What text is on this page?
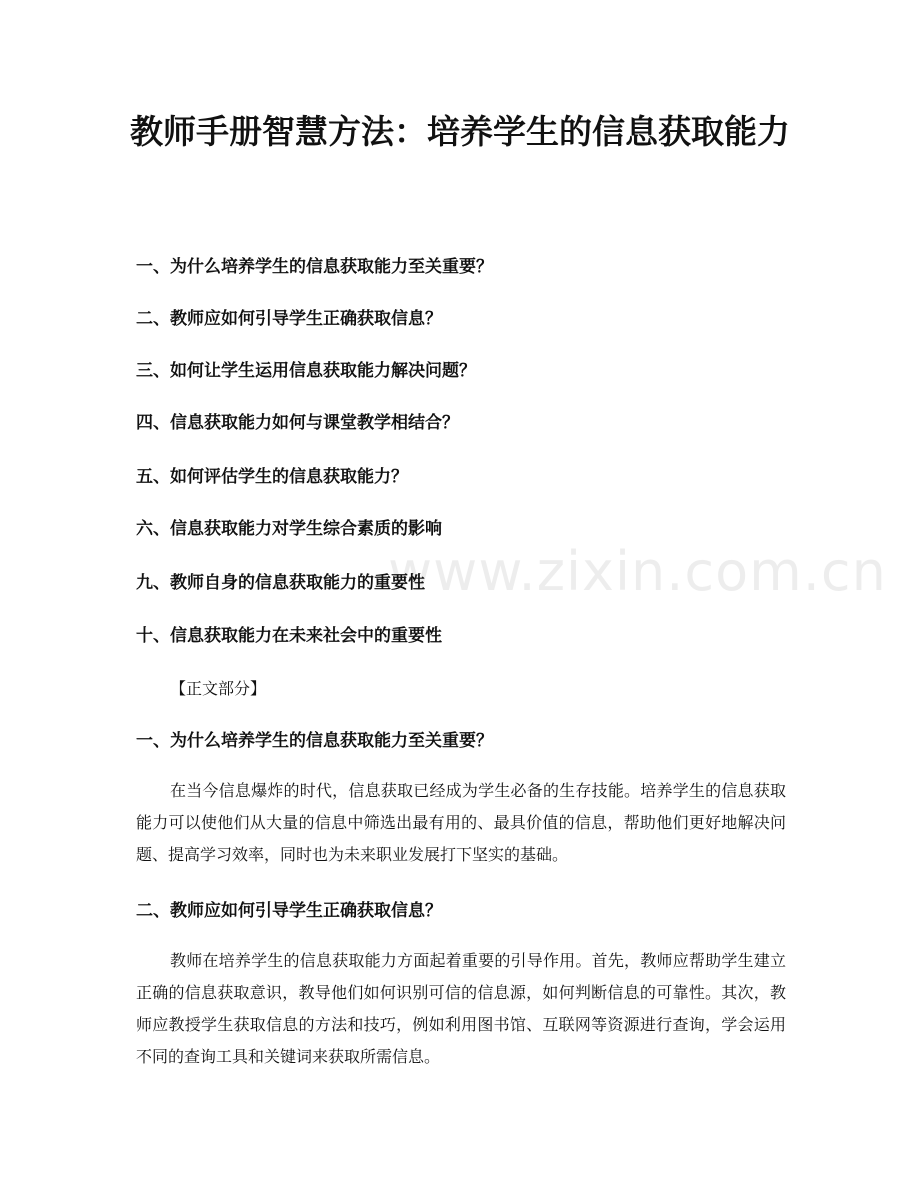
www.zixin.com.cn
教师手册智慧方法：培养学生的信息获取能力

一、为什么培养学生的信息获取能力至关重要？

二、教师应如何引导学生正确获取信息？

三、如何让学生运用信息获取能力解决问题？

四、信息获取能力如何与课堂教学相结合？

五、如何评估学生的信息获取能力？

六、信息获取能力对学生综合素质的影响

九、教师自身的信息获取能力的重要性

十、信息获取能力在未来社会中的重要性

【正文部分】

一、为什么培养学生的信息获取能力至关重要？

在当今信息爆炸的时代，信息获取已经成为学生必备的生存技能。培养学生的信息获取能力可以使他们从大量的信息中筛选出最有用的、最具价值的信息，帮助他们更好地解决问题、提高学习效率，同时也为未来职业发展打下坚实的基础。

二、教师应如何引导学生正确获取信息？

教师在培养学生的信息获取能力方面起着重要的引导作用。首先，教师应帮助学生建立正确的信息获取意识，教导他们如何识别可信的信息源，如何判断信息的可靠性。其次，教师应教授学生获取信息的方法和技巧，例如利用图书馆、互联网等资源进行查询，学会运用不同的查询工具和关键词来获取所需信息。
